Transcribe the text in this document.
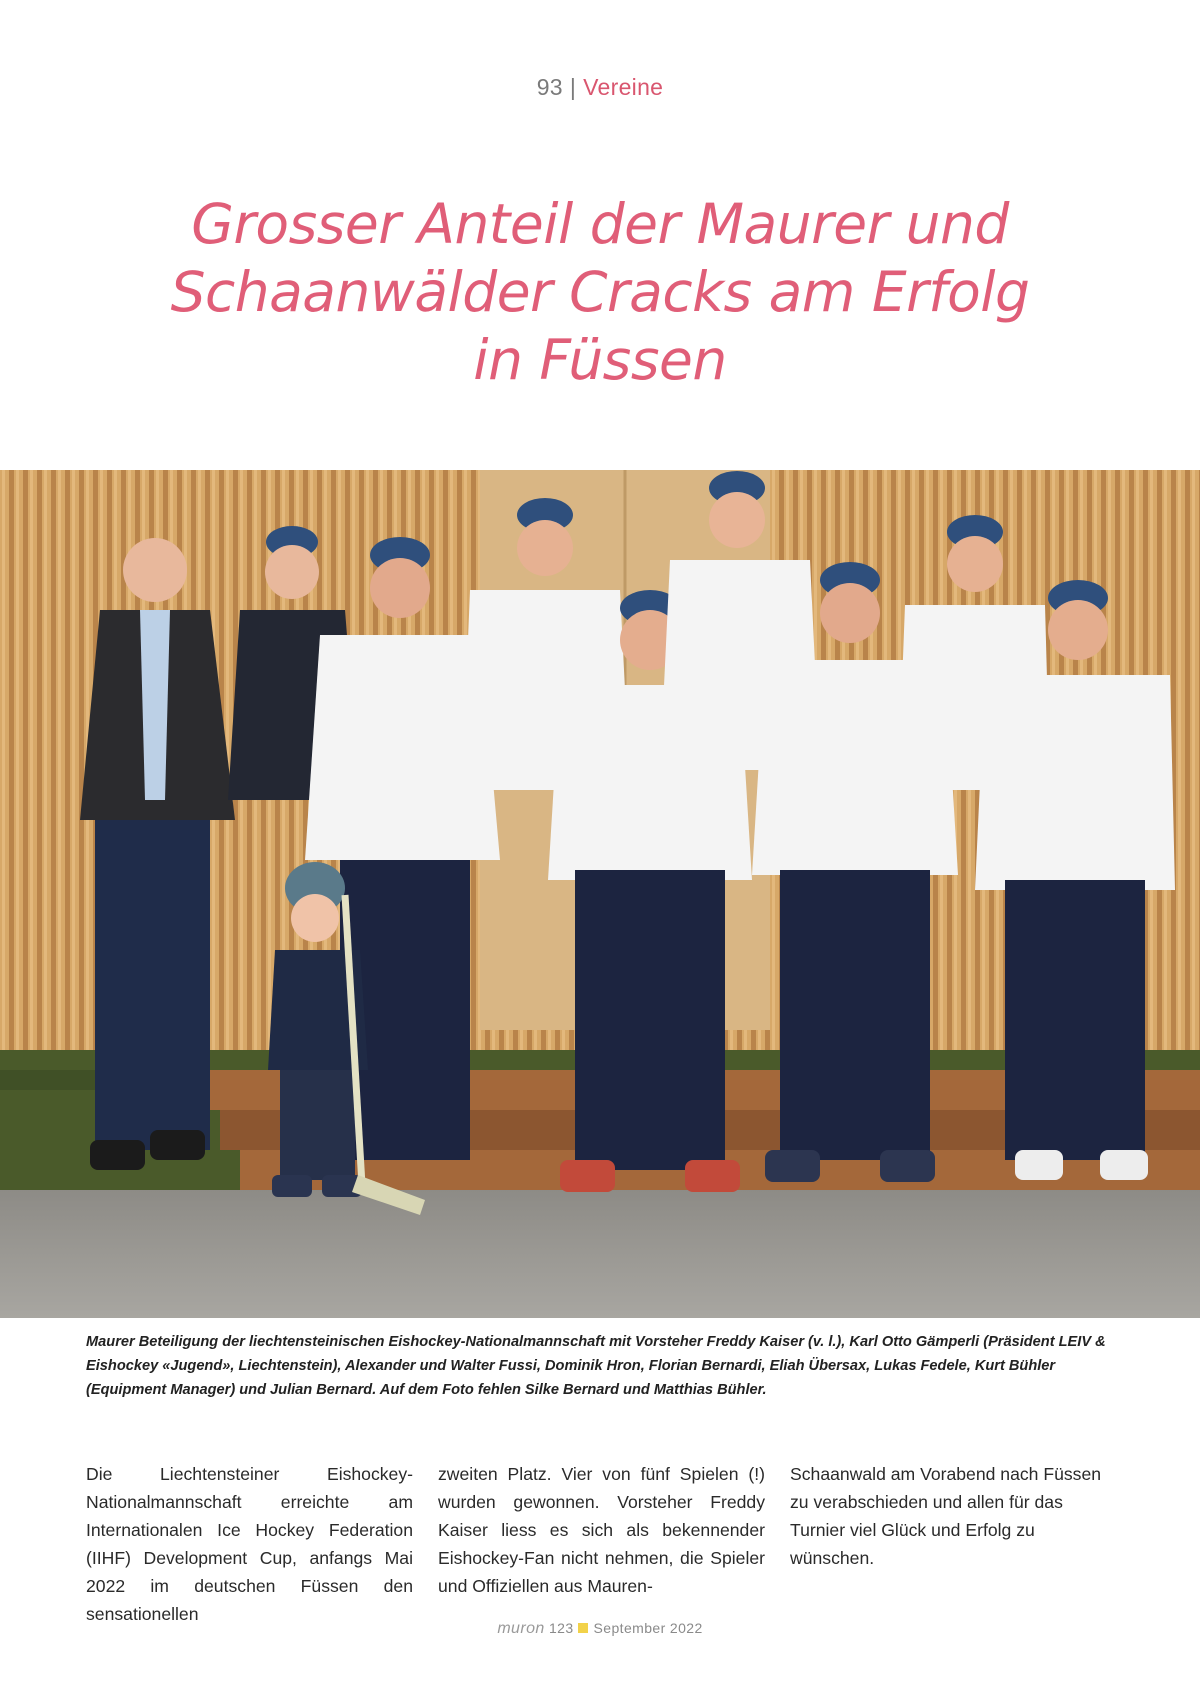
93 | Vereine
Grosser Anteil der Maurer und
Schaanwälder Cracks am Erfolg
in Füssen

Maurer Beteiligung der liechtensteinischen Eishockey-Nationalmannschaft mit Vorsteher Freddy Kaiser (v. l.), Karl Otto Gämperli (Präsident LEIV & Eishockey «Jugend», Liechtenstein), Alexander und Walter Fussi, Dominik Hron, Florian Bernardi, Eliah Übersax, Lukas Fedele, Kurt Bühler (Equipment Manager) und Julian Bernard. Auf dem Foto fehlen Silke Bernard und Matthias Bühler.

Die Liechtensteiner Eishockey-Nationalmannschaft erreichte am Internationalen Ice Hockey Federation (IIHF) Development Cup, anfangs Mai 2022 im deutschen Füssen den sensationellen

zweiten Platz. Vier von fünf Spielen (!) wurden gewonnen. Vorsteher Freddy Kaiser liess es sich als bekennender Eishockey-Fan nicht nehmen, die Spieler und Offiziellen aus Mauren-

Schaanwald am Vorabend nach Füssen zu verabschieden und allen für das Turnier viel Glück und Erfolg zu wünschen.

muron 123 September 2022
